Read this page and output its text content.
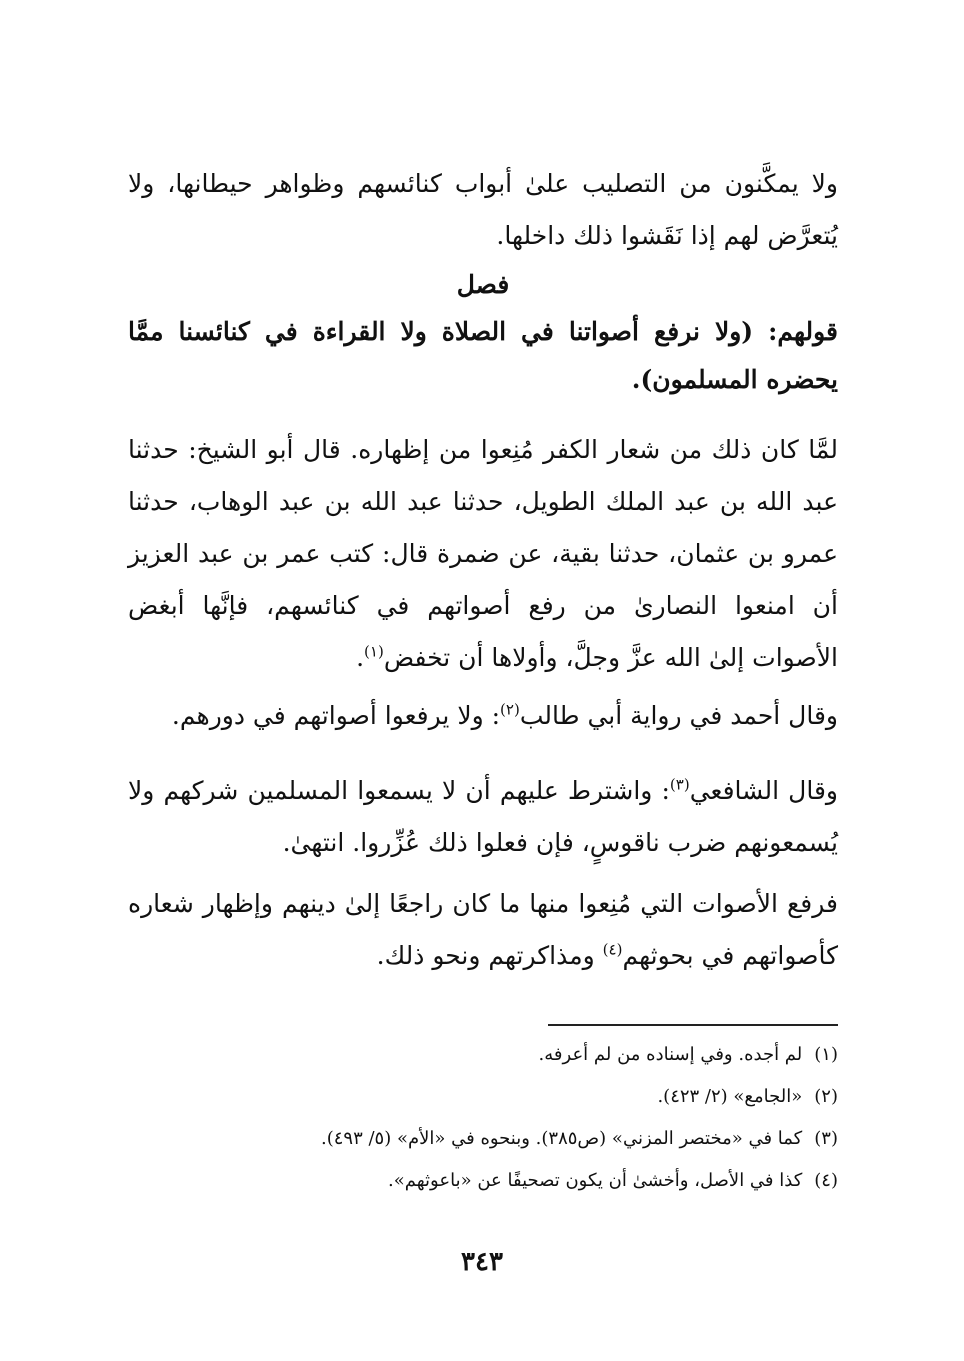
ولا يمكَّنون من التصليب علىٰ أبواب كنائسهم وظواهر حيطانها، ولا يُتعرَّض لهم إذا نَقَشوا ذلك داخلها.

فصل

قولهم: (ولا نرفع أصواتنا في الصلاة ولا القراءة في كنائسنا ممَّا يحضره المسلمون).

لمَّا كان ذلك من شعار الكفر مُنِعوا من إظهاره. قال أبو الشيخ: حدثنا عبد الله بن عبد الملك الطويل، حدثنا عبد الله بن عبد الوهاب، حدثنا عمرو بن عثمان، حدثنا بقية، عن ضمرة قال: كتب عمر بن عبد العزيز أن امنعوا النصارىٰ من رفع أصواتهم في كنائسهم، فإنَّها أبغض الأصوات إلىٰ الله عزَّ وجلَّ، وأولاها أن تخفض$^{(١)}$.

وقال أحمد في رواية أبي طالب$^{(٢)}$: ولا يرفعوا أصواتهم في دورهم.

وقال الشافعي$^{(٣)}$: واشترط عليهم أن لا يسمعوا المسلمين شركهم ولا يُسمعونهم ضرب ناقوسٍ، فإن فعلوا ذلك عُزِّروا. انتهىٰ.

فرفع الأصوات التي مُنِعوا منها ما كان راجعًا إلىٰ دينهم وإظهار شعاره كأصواتهم في بحوثهم$^{(٤)}$ ومذاكرتهم ونحو ذلك.

(١)لم أجده. وفي إسناده من لم أعرفه.
(٢)«الجامع» (٢/ ٤٢٣).
(٣)كما في «مختصر المزني» (ص٣٨٥). وبنحوه في «الأم» (٥/ ٤٩٣).
(٤)كذا في الأصل، وأخشىٰ أن يكون تصحيفًا عن «باعوثهم».
٣٤٣
